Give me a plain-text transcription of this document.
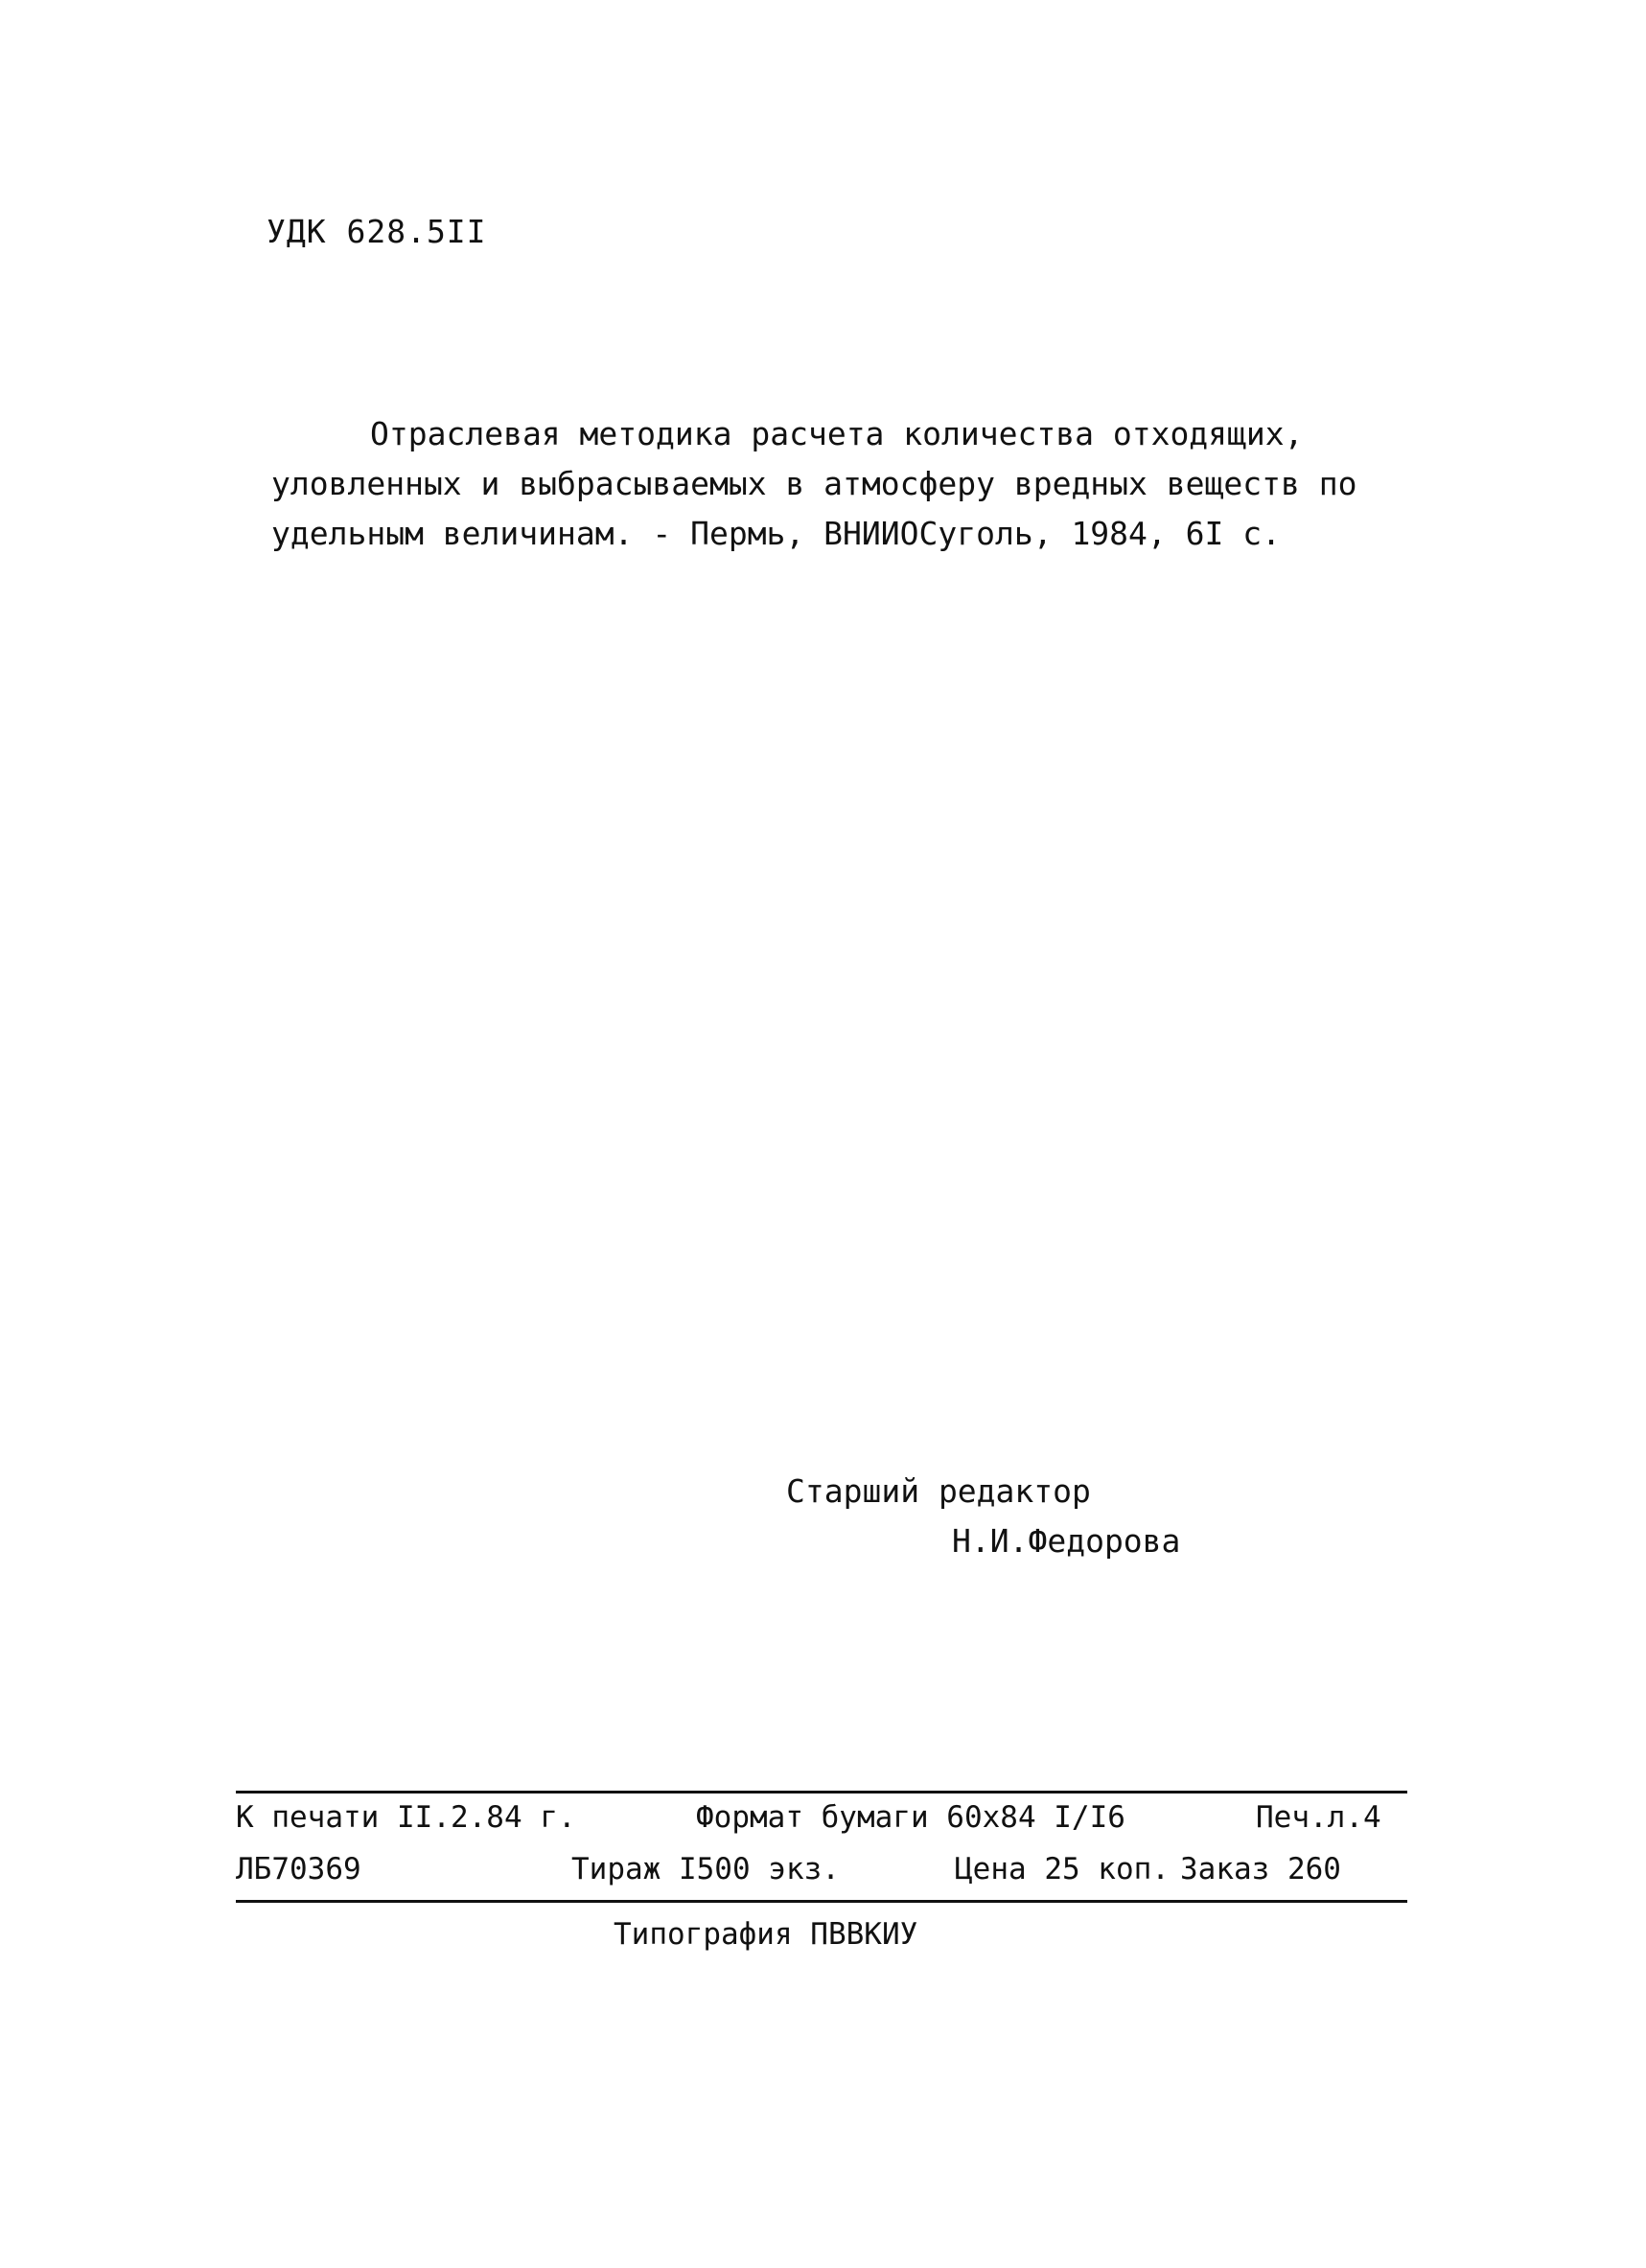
УДК 628.5II
Отраслевая методика расчета количества отходящих,
уловленных и выбрасываемых в атмосферу вредных веществ по
удельным величинам. - Пермь, ВНИИОСуголь, 1984, 6I с.
Старший редактор
Н.И.Федорова
К печати II.2.84 г.	Формат бумаги 60х84 I/I6	Печ.л.4
ЛБ70369	Тираж I500 экз.	Цена 25 коп. Заказ 260
Типография ПВВКИУ
